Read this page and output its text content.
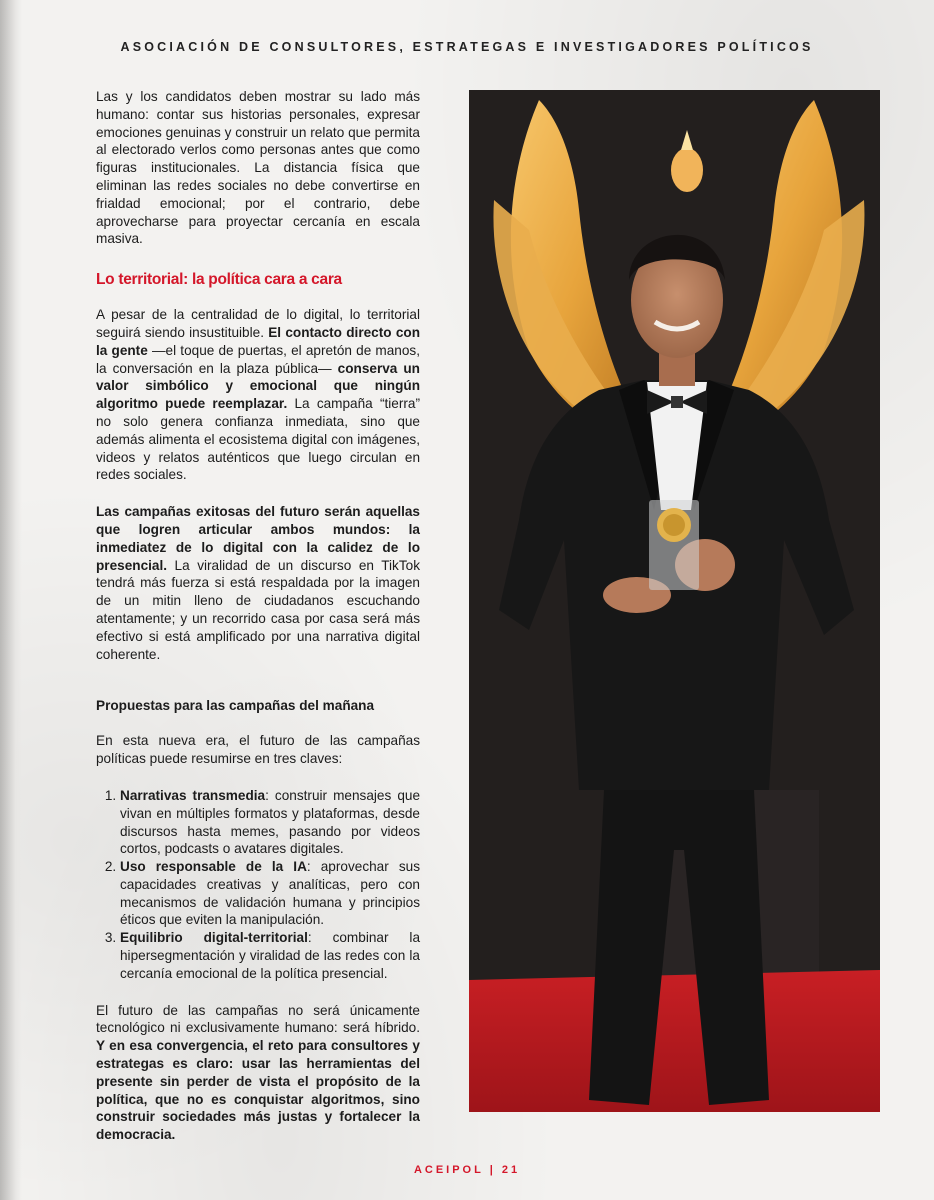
ASOCIACIÓN DE CONSULTORES, ESTRATEGAS E INVESTIGADORES POLÍTICOS

Las y los candidatos deben mostrar su lado más humano: contar sus historias personales, expresar emociones genuinas y construir un relato que permita al electorado verlos como personas antes que como figuras institucionales. La distancia física que eliminan las redes sociales no debe convertirse en frialdad emocional; por el contrario, debe aprovecharse para proyectar cercanía en escala masiva.

Lo territorial: la política cara a cara

A pesar de la centralidad de lo digital, lo territorial seguirá siendo insustituible. El contacto directo con la gente —el toque de puertas, el apretón de manos, la conversación en la plaza pública— conserva un valor simbólico y emocional que ningún algoritmo puede reemplazar. La campaña “tierra” no solo genera confianza inmediata, sino que además alimenta el ecosistema digital con imágenes, videos y relatos auténticos que luego circulan en redes sociales.

Las campañas exitosas del futuro serán aquellas que logren articular ambos mundos: la inmediatez de lo digital con la calidez de lo presencial. La viralidad de un discurso en TikTok tendrá más fuerza si está respaldada por la imagen de un mitin lleno de ciudadanos escuchando atentamente; y un recorrido casa por casa será más efectivo si está amplificado por una narrativa digital coherente.

Propuestas para las campañas del mañana

En esta nueva era, el futuro de las campañas políticas puede resumirse en tres claves:

1. Narrativas transmedia: construir mensajes que vivan en múltiples formatos y plataformas, desde discursos hasta memes, pasando por videos cortos, podcasts o avatares digitales.
2. Uso responsable de la IA: aprovechar sus capacidades creativas y analíticas, pero con mecanismos de validación humana y principios éticos que eviten la manipulación.
3. Equilibrio digital-territorial: combinar la hipersegmentación y viralidad de las redes con la cercanía emocional de la política presencial.

El futuro de las campañas no será únicamente tecnológico ni exclusivamente humano: será híbrido. Y en esa convergencia, el reto para consultores y estrategas es claro: usar las herramientas del presente sin perder de vista el propósito de la política, que no es conquistar algoritmos, sino construir sociedades más justas y fortalecer la democracia.

ACEIPOL | 21
